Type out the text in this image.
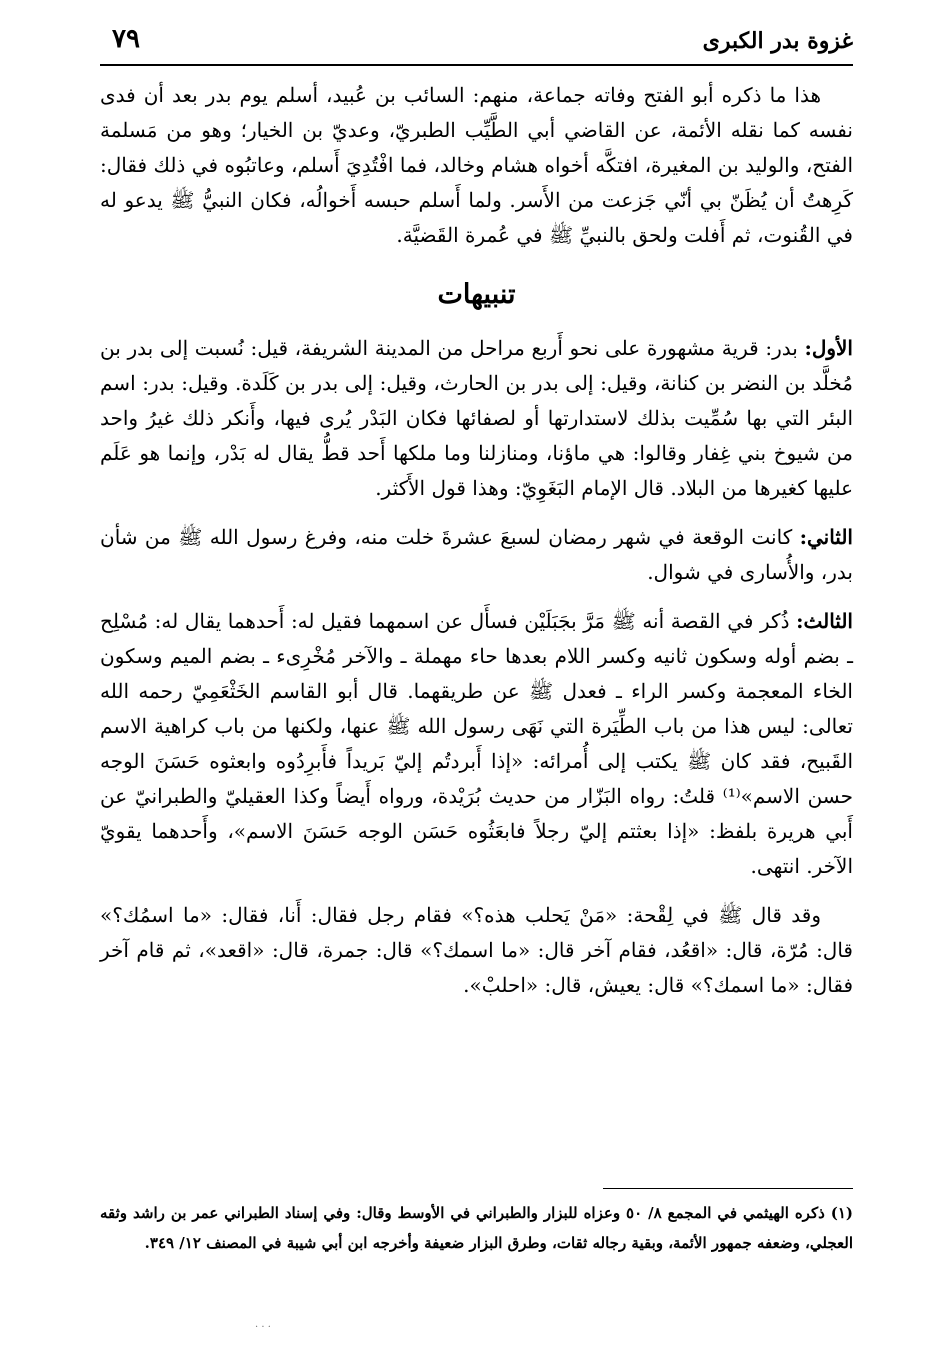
غزوة بدر الكبرى
٧٩

هذا ما ذكره أبو الفتح وفاته جماعة، منهم: السائب بن عُبيد، أسلم يوم بدر بعد أن فدى نفسه كما نقله الأئمة، عن القاضي أبي الطَّيِّب الطبريّ، وعديّ بن الخيار؛ وهو من مَسلمة الفتح، والوليد بن المغيرة، افتكَّه أخواه هشام وخالد، فما افْتُدِيَ أَسلم، وعاتبُوه في ذلك فقال: كَرِهتُ أن يُظَنّ بي أنّي جَزعت من الأَسر. ولما أَسلم حبسه أَخوالُه، فكان النبيُّ ﷺ يدعو له في القُنوت، ثم أَفلت ولحق بالنبيِّ ﷺ في عُمرة القَضيَّة.

تنبيهات

الأول: بدر: قرية مشهورة على نحو أَربع مراحل من المدينة الشريفة، قيل: نُسبت إلى بدر بن مُخلَّد بن النضر بن كنانة، وقيل: إلى بدر بن الحارث، وقيل: إلى بدر بن كَلَدة. وقيل: بدر: اسم البئر التي بها سُمِّيت بذلك لاستدارتها أو لصفائها فكان البَدْر يُرى فيها، وأَنكر ذلك غيرُ واحد من شيوخ بني غِفار وقالوا: هي ماؤنا، ومنازلنا وما ملكها أَحد قطُّ يقال له بَدْر، وإنما هو عَلَم عليها كغيرها من البلاد. قال الإمام البَغَوِيّ: وهذا قول الأَكثر.

الثاني: كانت الوقعة في شهر رمضان لسبعَ عشرةَ خلت منه، وفرغ رسول الله ﷺ من شأن بدر، والأُسارى في شوال.

الثالث: ذُكر في القصة أنه ﷺ مَرَّ بجَبَلَيْن فسأَل عن اسمهما فقيل له: أَحدهما يقال له: مُسْلِح ـ بضم أوله وسكون ثانيه وكسر اللام بعدها حاء مهملة ـ والآخر مُخْرِىء ـ بضم الميم وسكون الخاء المعجمة وكسر الراء ـ فعدل ﷺ عن طريقهما. قال أبو القاسم الخَثْعَمِيّ رحمه الله تعالى: ليس هذا من باب الطِّيَرة التي نَهَى رسول الله ﷺ عنها، ولكنها من باب كراهية الاسم القَبيح، فقد كان ﷺ يكتب إلى أُمرائه: «إذا أَبردتُم إليّ بَريداً فأَبرِدُوه وابعثوه حَسَنَ الوجه حسن الاسم»⁽¹⁾ قلتُ: رواه البَزّار من حديث بُرَيْدة، ورواه أَيضاً وكذا العقيليّ والطبرانيّ عن أَبي هريرة بلفظ: «إذا بعثتم إليّ رجلاً فابعَثُوه حَسَن الوجه حَسَنَ الاسم»، وأَحدهما يقويّ الآخر. انتهى.

وقد قال ﷺ في لِقْحة: «مَنْ يَحلب هذه؟» فقام رجل فقال: أَنا، فقال: «ما اسمُك؟» قال: مُرّة، قال: «اقعُد، فقام آخر قال: «ما اسمك؟» قال: جمرة، قال: «اقعد»، ثم قام آخر فقال: «ما اسمك؟» قال: يعيش، قال: «احلبْ».

(١) ذكره الهيثمي في المجمع ٨/ ٥٠ وعزاه للبزار والطبراني في الأوسط وقال: وفي إسناد الطبراني عمر بن راشد وثقه العجلي، وضعفه جمهور الأئمة، وبقية رجاله ثقات، وطرق البزار ضعيفة وأخرجه ابن أبي شيبة في المصنف ١٢/ ٣٤٩.
· · ·
